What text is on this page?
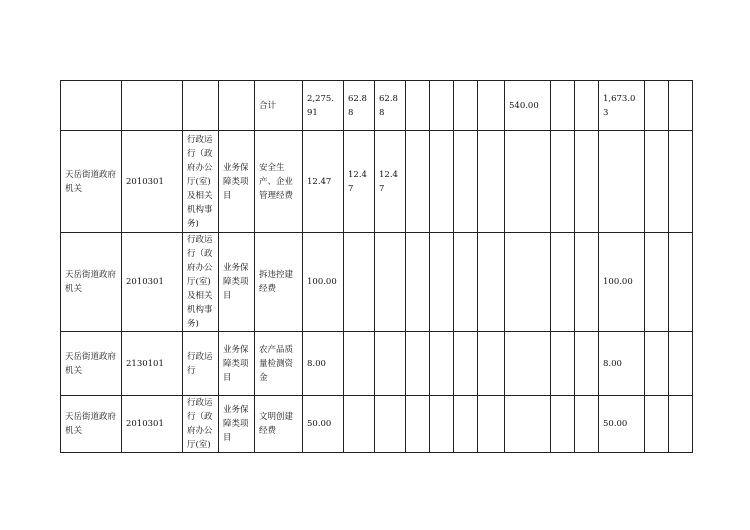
				合计	2,275.91	62.88	62.88					540.00			1,673.03		
天岳街道政府机关	2010301	行政运行（政府办公厅(室)及相关机构事务)	业务保障类项目	安全生产、企业管理经费	12.47	12.47	12.47										
天岳街道政府机关	2010301	行政运行（政府办公厅(室)及相关机构事务)	业务保障类项目	拆违控建经费	100.00										100.00		
天岳街道政府机关	2130101	行政运行	业务保障类项目	农产品质量检测资金	8.00										8.00		
天岳街道政府机关	2010301	行政运行（政府办公厅(室)	业务保障类项目	文明创建经费	50.00										50.00		
